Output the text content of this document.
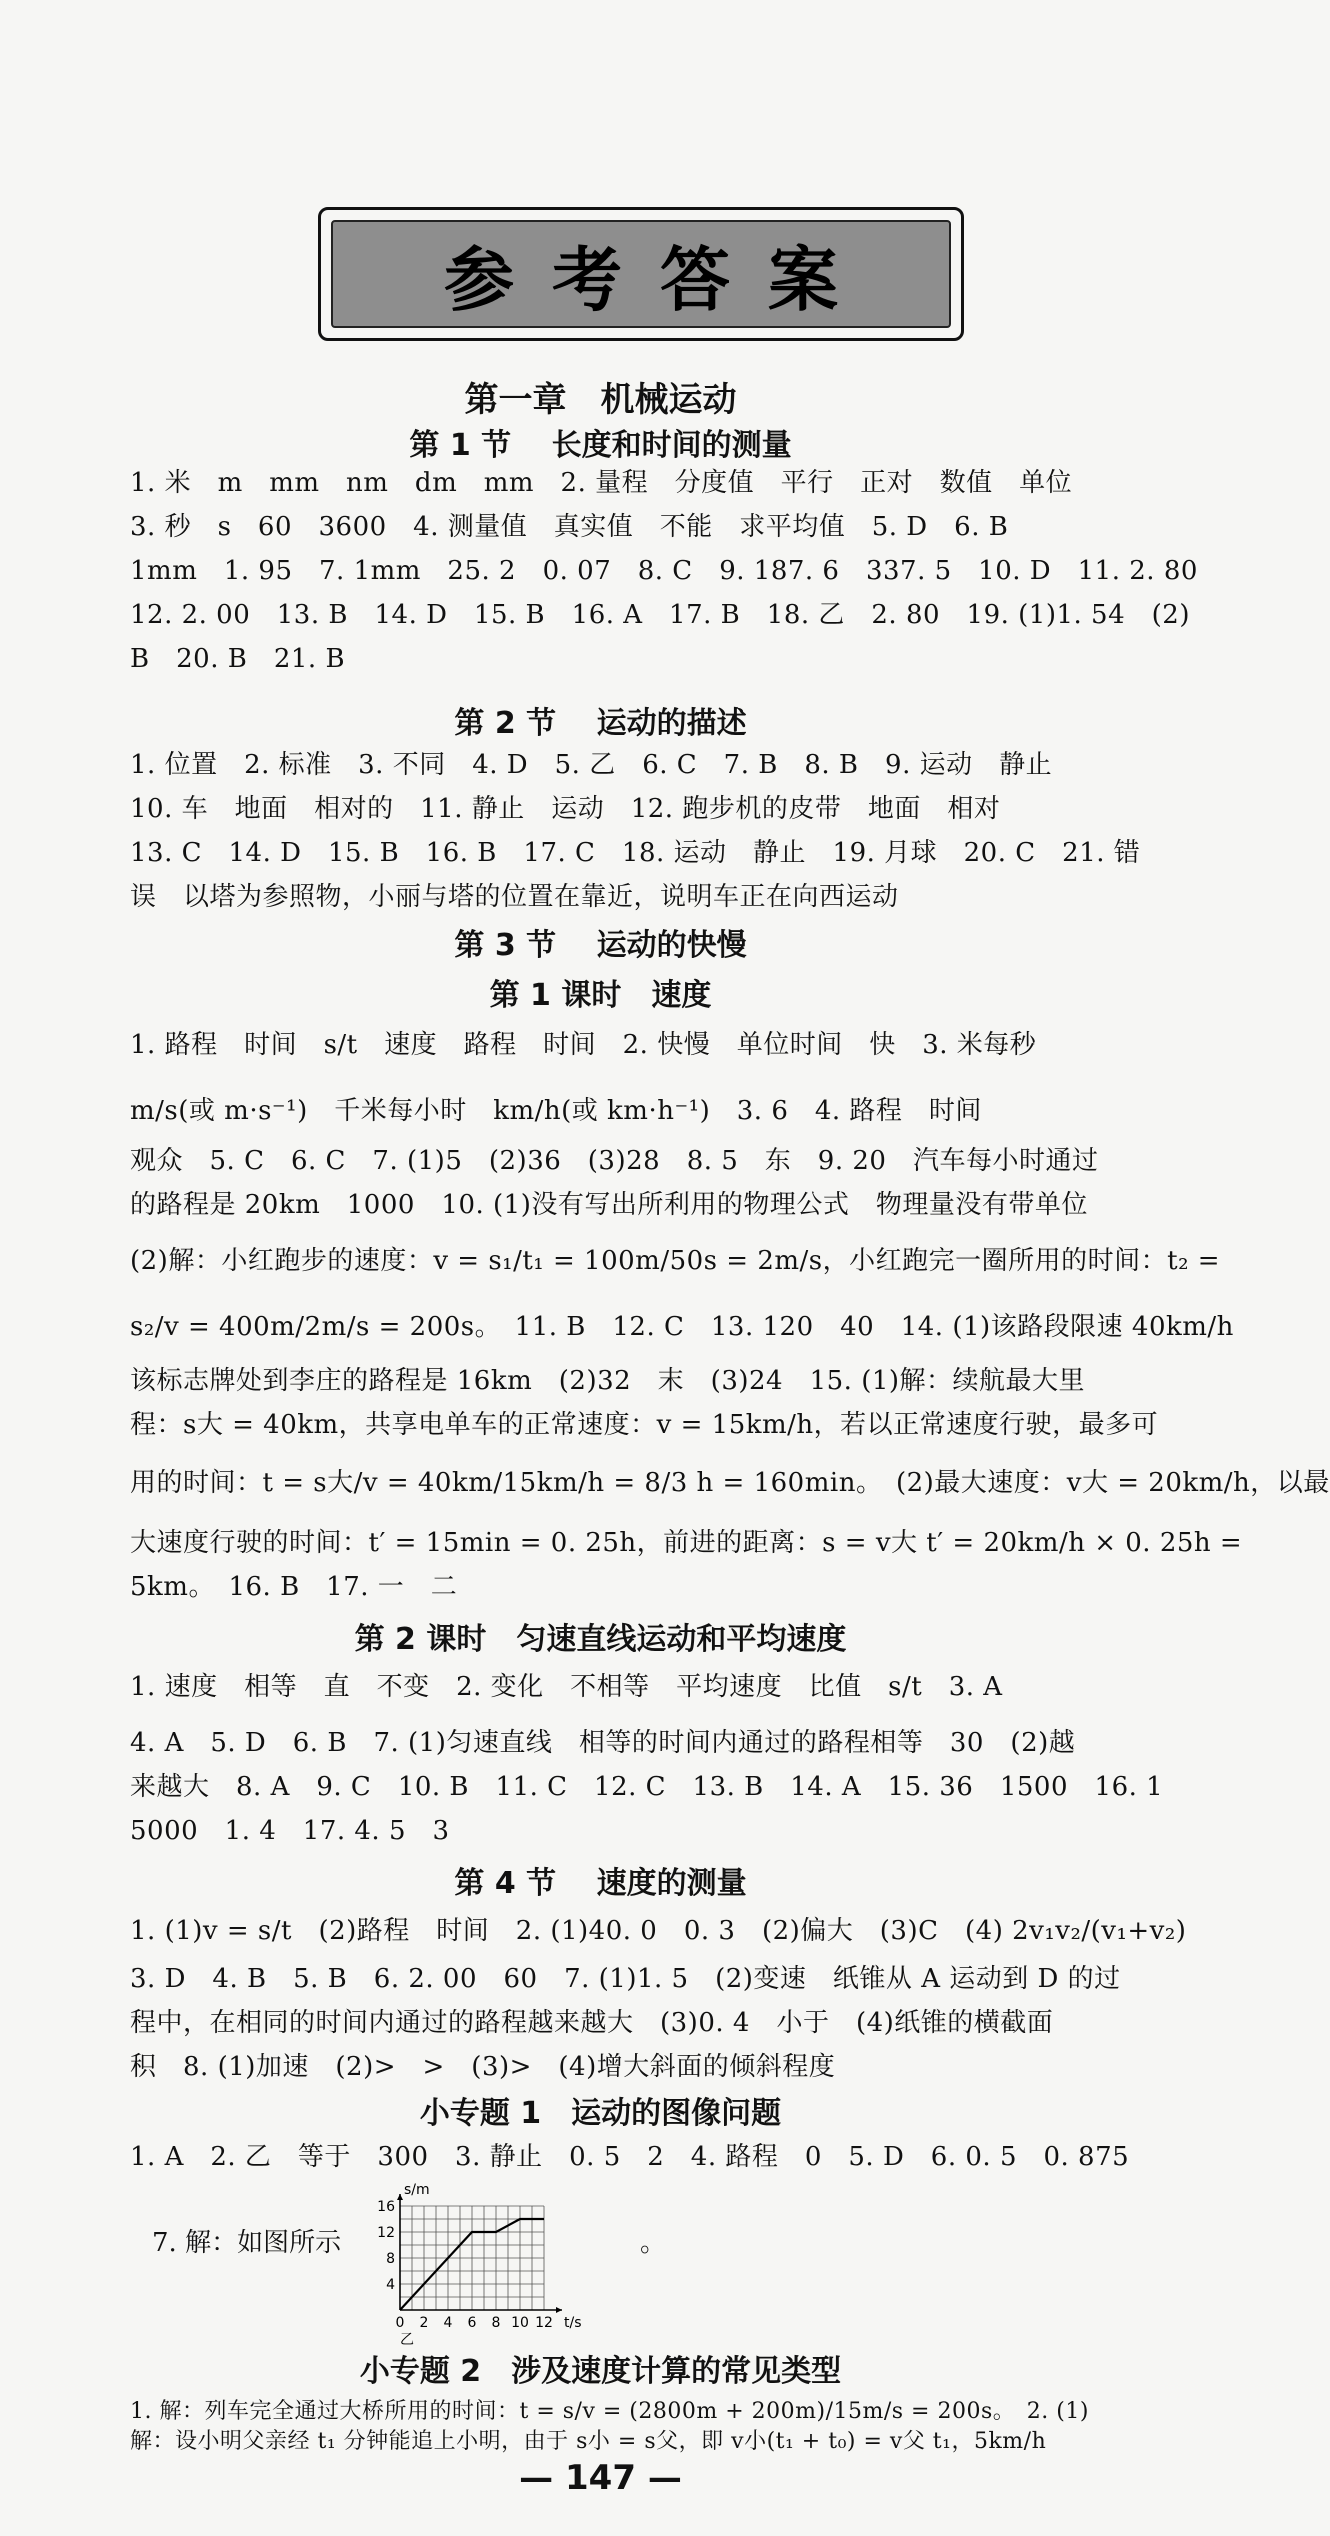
参考答案
第一章　机械运动
第 1 节　 长度和时间的测量
1. 米　m　mm　nm　dm　mm　2. 量程　分度值　平行　正对　数值　单位
3. 秒　s　60　3600　4. 测量值　真实值　不能　求平均值　5. D　6. B
1mm　1. 95　7. 1mm　25. 2　0. 07　8. C　9. 187. 6　337. 5　10. D　11. 2. 80
12. 2. 00　13. B　14. D　15. B　16. A　17. B　18. 乙　2. 80　19. (1)1. 54　(2)
B　20. B　21. B
第 2 节　 运动的描述
1. 位置　2. 标准　3. 不同　4. D　5. 乙　6. C　7. B　8. B　9. 运动　静止
10. 车　地面　相对的　11. 静止　运动　12. 跑步机的皮带　地面　相对
13. C　14. D　15. B　16. B　17. C　18. 运动　静止　19. 月球　20. C　21. 错
误　以塔为参照物，小丽与塔的位置在靠近，说明车正在向西运动
第 3 节　 运动的快慢
第 1 课时　速度
1. 路程　时间　s/t　速度　路程　时间　2. 快慢　单位时间　快　3. 米每秒
m/s(或 m·s⁻¹)　千米每小时　km/h(或 km·h⁻¹)　3. 6　4. 路程　时间
观众　5. C　6. C　7. (1)5　(2)36　(3)28　8. 5　东　9. 20　汽车每小时通过
的路程是 20km　1000　10. (1)没有写出所利用的物理公式　物理量没有带单位
(2)解：小红跑步的速度：v = s₁/t₁ = 100m/50s = 2m/s，小红跑完一圈所用的时间：t₂ =
s₂/v = 400m/2m/s = 200s。　11. B　12. C　13. 120　40　14. (1)该路段限速 40km/h
该标志牌处到李庄的路程是 16km　(2)32　末　(3)24　15. (1)解：续航最大里
程：s大 = 40km，共享电单车的正常速度：v = 15km/h，若以正常速度行驶，最多可
用的时间：t = s大/v = 40km/15km/h = 8/3 h = 160min。　(2)最大速度：v大 = 20km/h，以最
大速度行驶的时间：t′ = 15min = 0. 25h，前进的距离：s = v大 t′ = 20km/h × 0. 25h =
5km。　16. B　17. 一　二
第 2 课时　匀速直线运动和平均速度
1. 速度　相等　直　不变　2. 变化　不相等　平均速度　比值　s/t　3. A
4. A　5. D　6. B　7. (1)匀速直线　相等的时间内通过的路程相等　30　(2)越
来越大　8. A　9. C　10. B　11. C　12. C　13. B　14. A　15. 36　1500　16. 1
5000　1. 4　17. 4. 5　3
第 4 节　 速度的测量
1. (1)v = s/t　(2)路程　时间　2. (1)40. 0　0. 3　(2)偏大　(3)C　(4) 2v₁v₂/(v₁+v₂)
3. D　4. B　5. B　6. 2. 00　60　7. (1)1. 5　(2)变速　纸锥从 A 运动到 D 的过
程中，在相同的时间内通过的路程越来越大　(3)0. 4　小于　(4)纸锥的横截面
积　8. (1)加速　(2)>　>　(3)>　(4)增大斜面的倾斜程度
小专题 1　运动的图像问题
1. A　2. 乙　等于　300　3. 静止　0. 5　2　4. 路程　0　5. D　6. 0. 5　0. 875
4
8
12
16
0 2 4 6 8 10 12
s/m
t/s
乙
7. 解：如图所示	。
小专题 2　涉及速度计算的常见类型
1. 解：列车完全通过大桥所用的时间：t = s/v = (2800m + 200m)/15m/s = 200s。　2. (1)
解：设小明父亲经 t₁ 分钟能追上小明，由于 s小 = s父，即 v小(t₁ + t₀) = v父 t₁，5km/h
— 147 —
